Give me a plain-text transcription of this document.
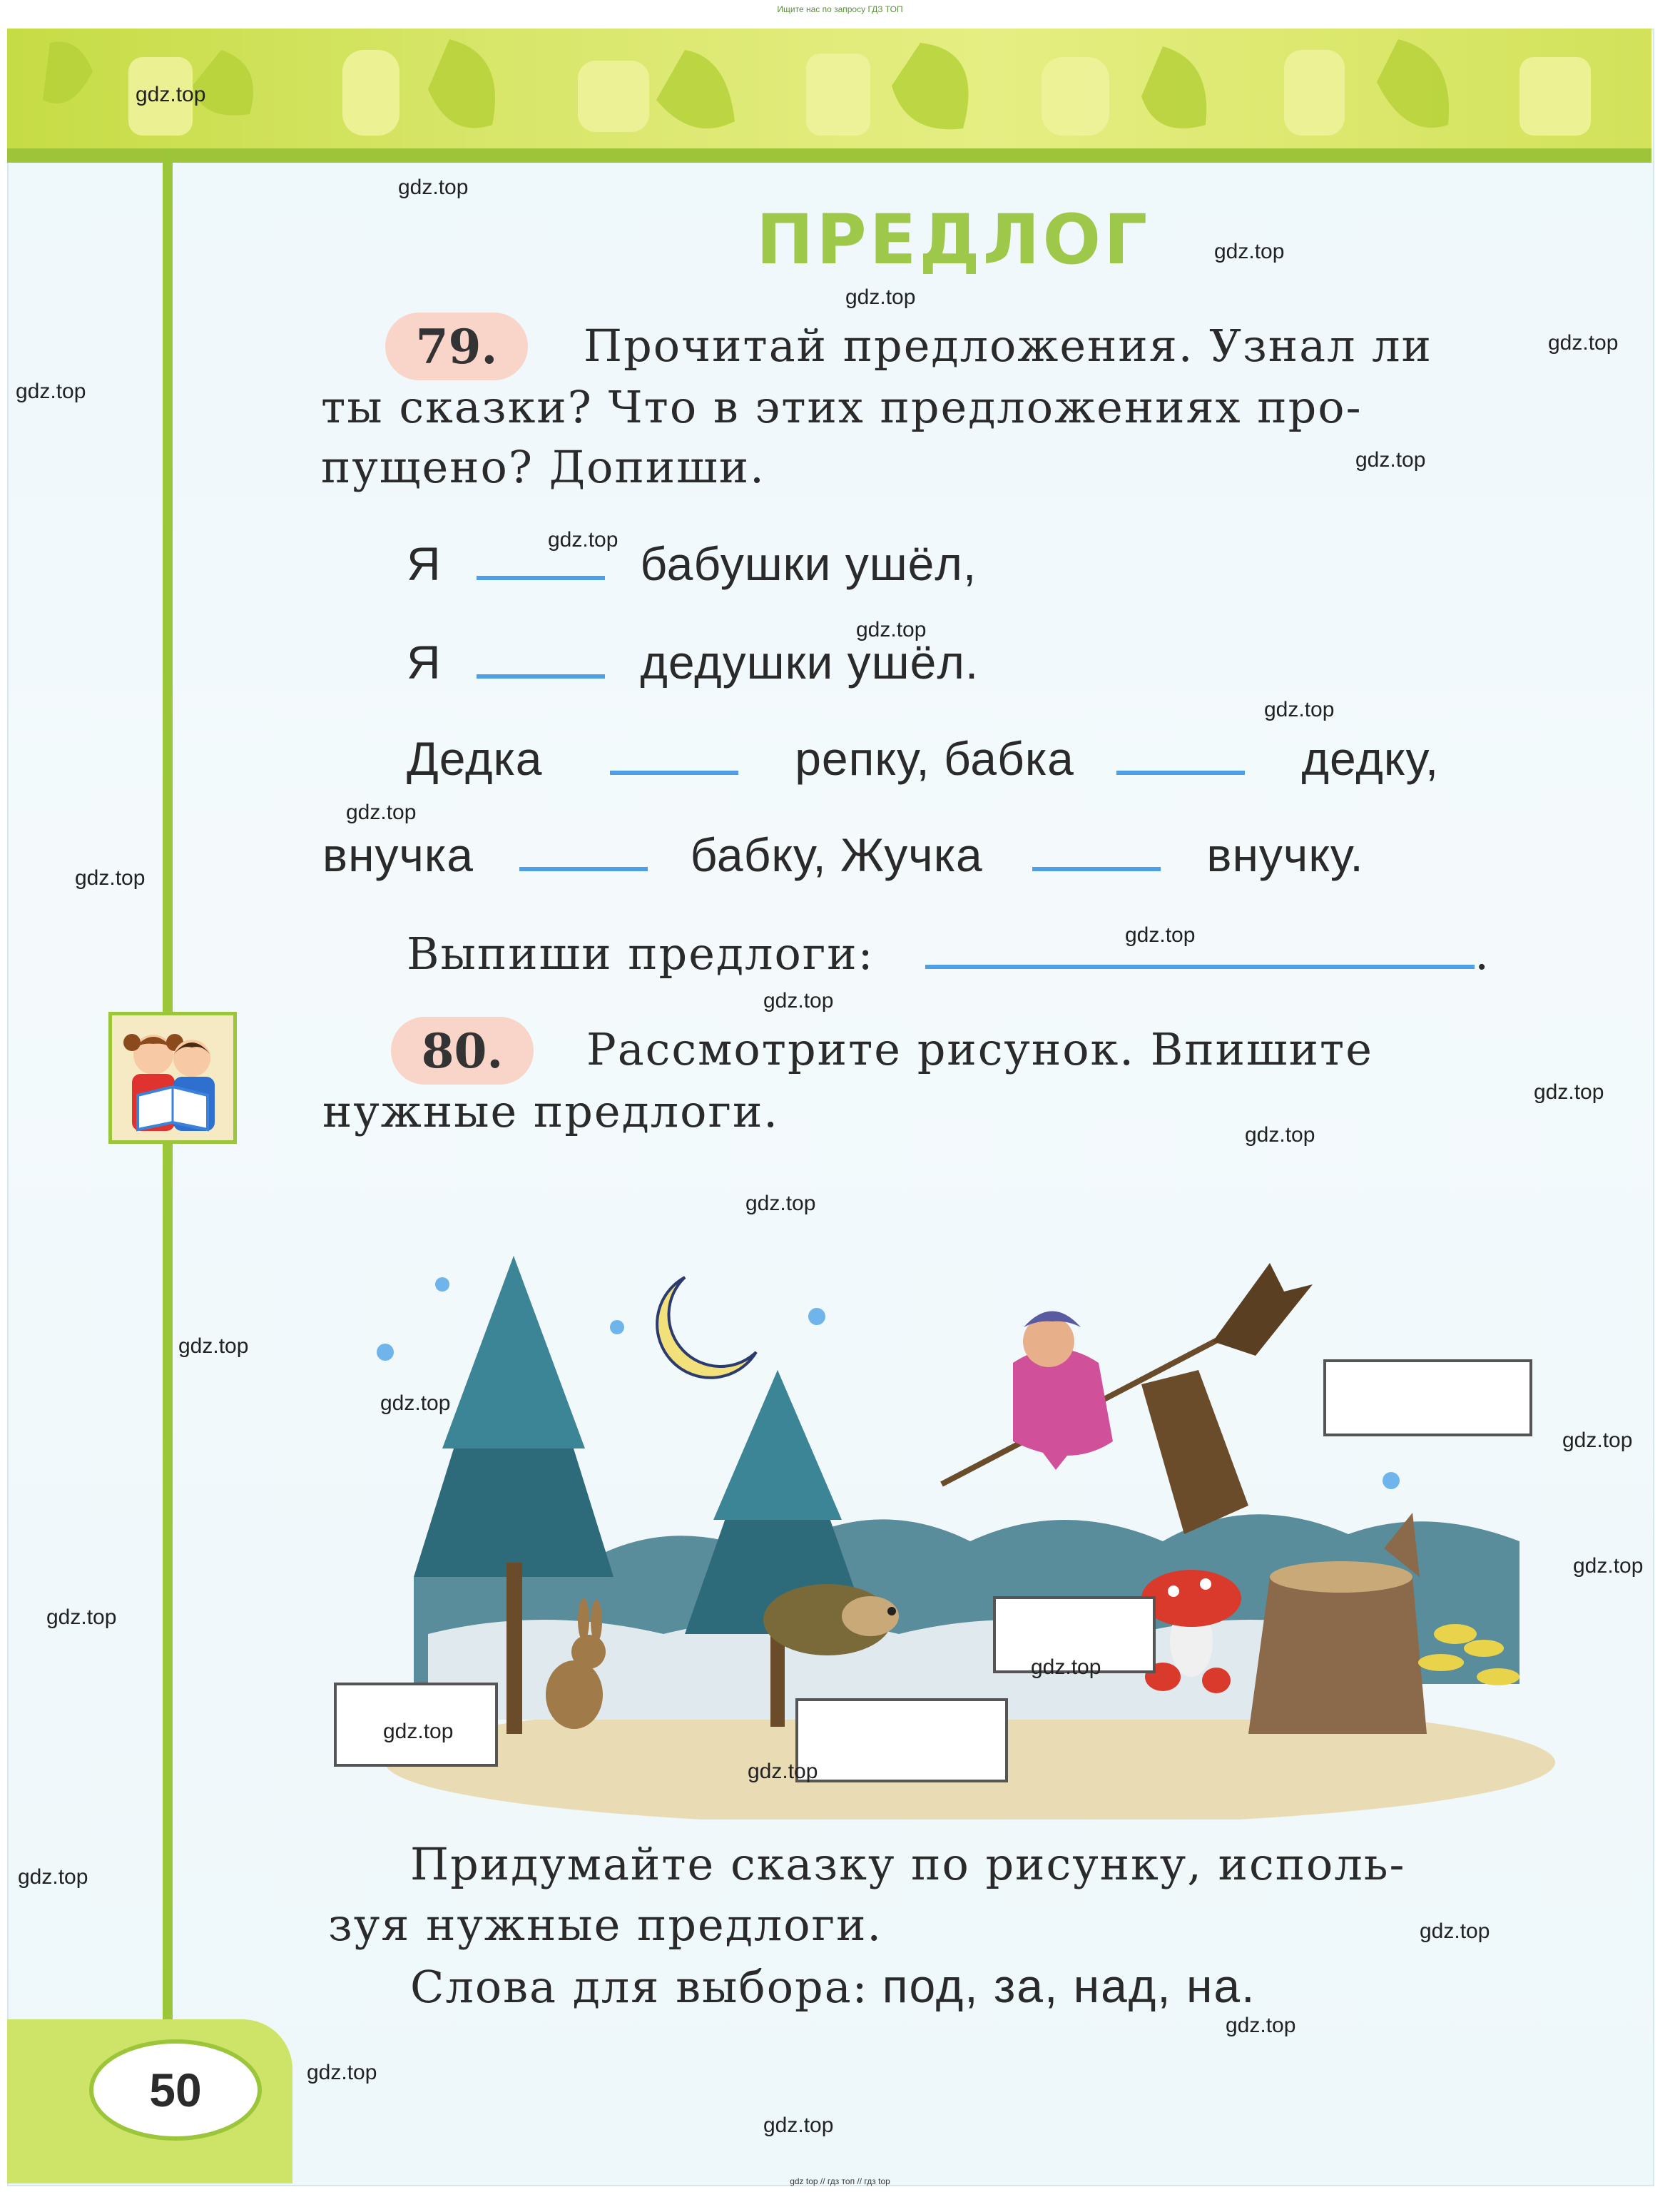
Ищите нас по запросу ГДЗ ТОП
ПРЕДЛОГ
79.	Прочитай предложения. Узнал ли
ты сказки? Что в этих предложениях про-
пущено? Допиши.
Я	бабушки ушёл,
Я	дедушки ушёл.
Дедка	репку, бабка	дедку,
внучка	бабку, Жучка	внучку.
Выпиши предлоги:	.
80.	Рассмотрите рисунок. Впишите
нужные предлоги.
Придумайте сказку по рисунку, исполь-
зуя нужные предлоги.
Слова для выбора: под, за, над, на.
50
gdz.top
gdz.top
gdz.top
gdz.top
gdz.top
gdz.top
gdz.top
gdz.top
gdz.top
gdz.top
gdz.top
gdz.top
gdz.top
gdz.top
gdz.top
gdz.top
gdz.top
gdz.top
gdz.top
gdz.top
gdz.top
gdz.top
gdz.top
gdz.top
gdz.top
gdz.top
gdz.top
gdz.top
gdz.top
gdz.top
gdz top // гдз топ // гдз top
